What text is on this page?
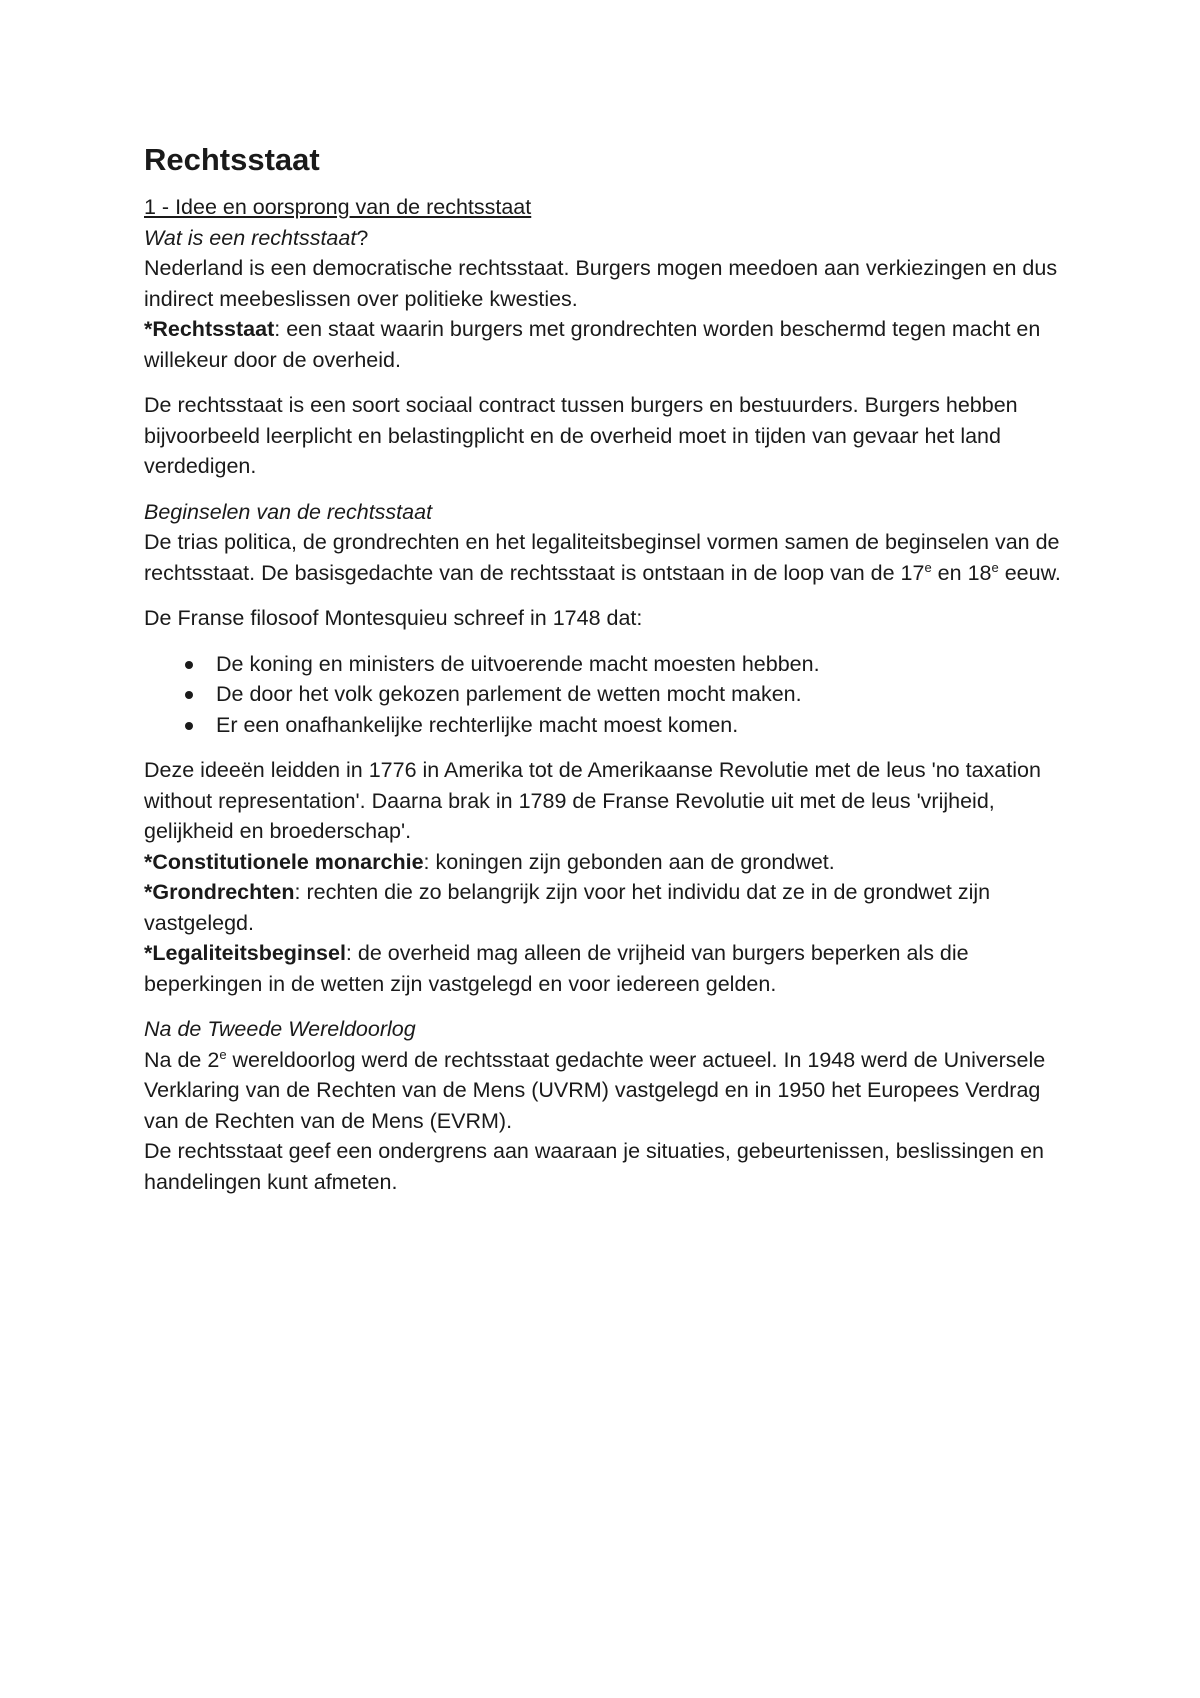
Rechtsstaat

1 - Idee en oorsprong van de rechtsstaat

Wat is een rechtsstaat?

Nederland is een democratische rechtsstaat. Burgers mogen meedoen aan verkiezingen en dus indirect meebeslissen over politieke kwesties.

*Rechtsstaat: een staat waarin burgers met grondrechten worden beschermd tegen macht en willekeur door de overheid.

De rechtsstaat is een soort sociaal contract tussen burgers en bestuurders. Burgers hebben bijvoorbeeld leerplicht en belastingplicht en de overheid moet in tijden van gevaar het land verdedigen.

Beginselen van de rechtsstaat

De trias politica, de grondrechten en het legaliteitsbeginsel vormen samen de beginselen van de rechtsstaat. De basisgedachte van de rechtsstaat is ontstaan in de loop van de 17e en 18e eeuw.

De Franse filosoof Montesquieu schreef in 1748 dat:

De koning en ministers de uitvoerende macht moesten hebben.
De door het volk gekozen parlement de wetten mocht maken.
Er een onafhankelijke rechterlijke macht moest komen.

Deze ideeën leidden in 1776 in Amerika tot de Amerikaanse Revolutie met de leus 'no taxation without representation'. Daarna brak in 1789 de Franse Revolutie uit met de leus 'vrijheid, gelijkheid en broederschap'.

*Constitutionele monarchie: koningen zijn gebonden aan de grondwet.

*Grondrechten: rechten die zo belangrijk zijn voor het individu dat ze in de grondwet zijn vastgelegd.

*Legaliteitsbeginsel: de overheid mag alleen de vrijheid van burgers beperken als die beperkingen in de wetten zijn vastgelegd en voor iedereen gelden.

Na de Tweede Wereldoorlog

Na de 2e wereldoorlog werd de rechtsstaat gedachte weer actueel. In 1948 werd de Universele Verklaring van de Rechten van de Mens (UVRM) vastgelegd en in 1950 het Europees Verdrag van de Rechten van de Mens (EVRM).

De rechtsstaat geef een ondergrens aan waaraan je situaties, gebeurtenissen, beslissingen en handelingen kunt afmeten.
